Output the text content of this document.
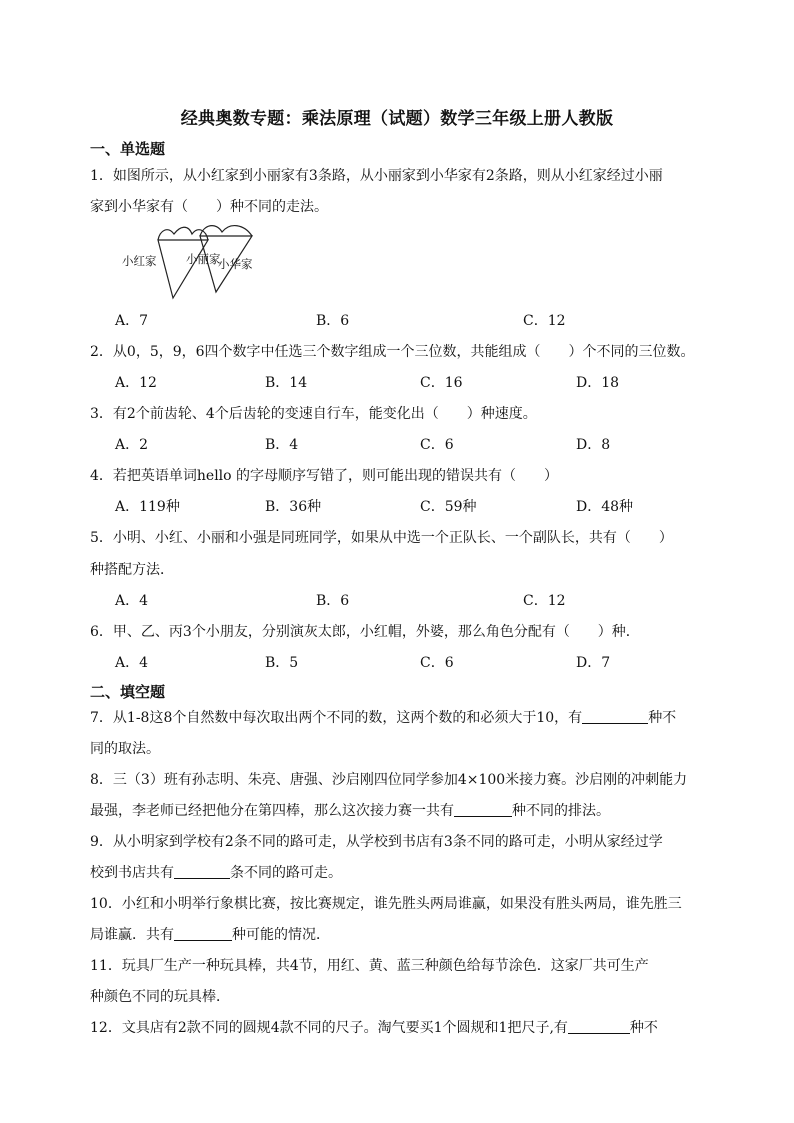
经典奥数专题：乘法原理（试题）数学三年级上册人教版
一、单选题
1．如图所示，从小红家到小丽家有3条路，从小丽家到小华家有2条路，则从小红家经过小丽
家到小华家有（　　）种不同的走法。
小红家	小丽家
小华家
A．7	B．6	C．12
2．从0，5，9，6四个数字中任选三个数字组成一个三位数，共能组成（　　）个不同的三位数。
A．12	B．14	C．16	D．18
3．有2个前齿轮、4个后齿轮的变速自行车，能变化出（　　）种速度。
A．2	B．4	C．6	D．8
4．若把英语单词hello 的字母顺序写错了，则可能出现的错误共有（　　）
A．119种	B．36种	C．59种	D．48种
5．小明、小红、小丽和小强是同班同学，如果从中选一个正队长、一个副队长，共有（　　）
种搭配方法．
A．4	B．6	C．12
6．甲、乙、丙3个小朋友，分别演灰太郎，小红帽，外婆，那么角色分配有（　　）种．
A．4	B．5	C．6	D．7
二、填空题
7．从1-8这8个自然数中每次取出两个不同的数，这两个数的和必须大于10，有	种不
同的取法。
8．三（3）班有孙志明、朱亮、唐强、沙启刚四位同学参加4×100米接力赛。沙启刚的冲刺能力
最强，李老师已经把他分在第四棒，那么这次接力赛一共有	种不同的排法。
9．从小明家到学校有2条不同的路可走，从学校到书店有3条不同的路可走，小明从家经过学
校到书店共有	条不同的路可走。
10．小红和小明举行象棋比赛，按比赛规定，谁先胜头两局谁赢，如果没有胜头两局，谁先胜三
局谁赢．共有	种可能的情况．
11．玩具厂生产一种玩具棒，共4节，用红、黄、蓝三种颜色给每节涂色．这家厂共可生产
种颜色不同的玩具棒．
12．文具店有2款不同的圆规4款不同的尺子。淘气要买1个圆规和1把尺子,有	种不
